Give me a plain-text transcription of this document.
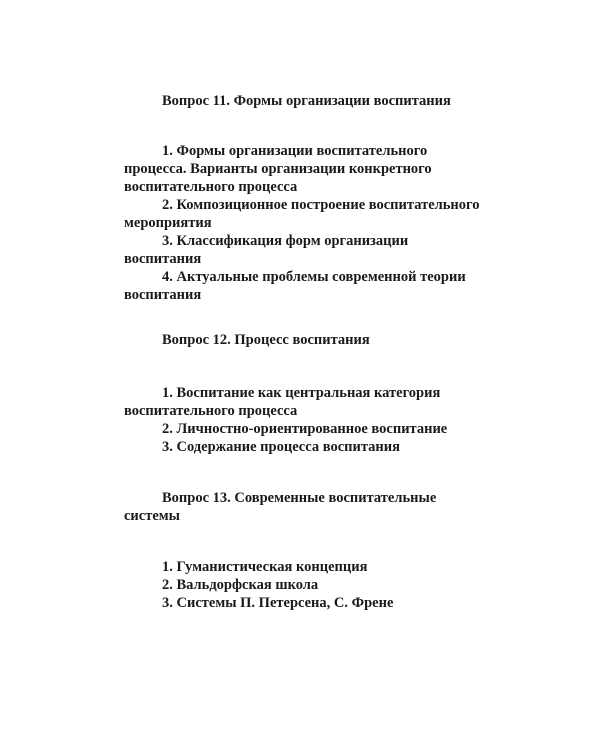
Вопрос 11. Формы организации воспитания

1. Формы организации воспитательного процесса. Варианты организации конкретного воспитательного процесса
2. Композиционное построение воспитательного мероприятия
3. Классификация форм организации воспитания
4. Актуальные проблемы современной теории воспитания

Вопрос 12. Процесс воспитания

1. Воспитание как центральная категория воспитательного процесса
2. Личностно-ориентированное воспитание
3. Содержание процесса воспитания

Вопрос 13. Современные воспитательные системы

1. Гуманистическая концепция
2. Вальдорфская школа
3. Системы П. Петерсена, С. Френе
